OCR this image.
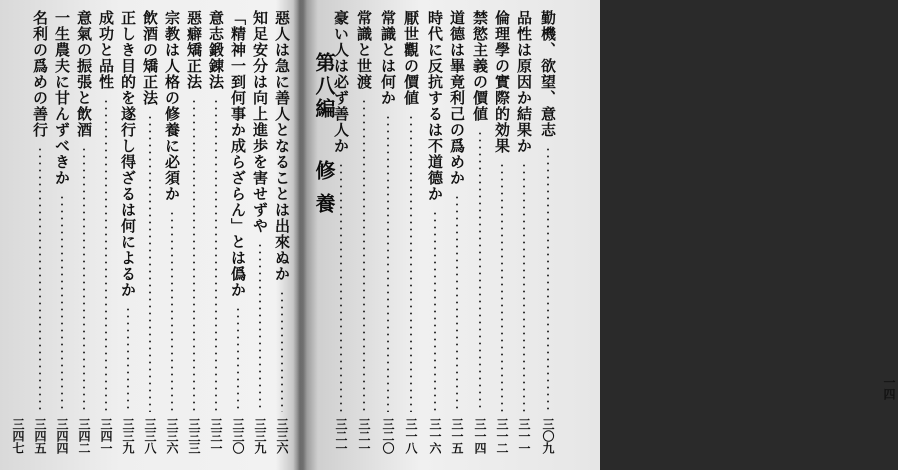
一四
勤機、欲望、意志
三〇九
品性は原因か結果か
三一一
倫理學の實際的効果
三一二
禁慾主義の價値
三一四
道德は畢竟利己の爲めか
三一五
時代に反抗するは不道德か
三一六
厭世觀の價値
三一八
常識とは何か
三二〇
常識と世渡
三二一
豪い人は必ず善人か
三二一
第八編
修 養
惡人は急に善人となることは出來ぬか
三三六
知足安分は向上進歩を害せずや
三三九
「精神一到何事か成らざらん」とは僞か
三三〇
意志鍛錬法
三三一
惡癖矯正法
三三三
宗教は人格の修養に必須か
三三六
飲酒の矯正法
三三八
正しき目的を遂行し得ざるは何によるか
三三九
成功と品性
三四一
意氣の振張と飲酒
三四二
一生農夫に甘んずべきか
三四四
名利の爲めの善行
三四五
三四七
